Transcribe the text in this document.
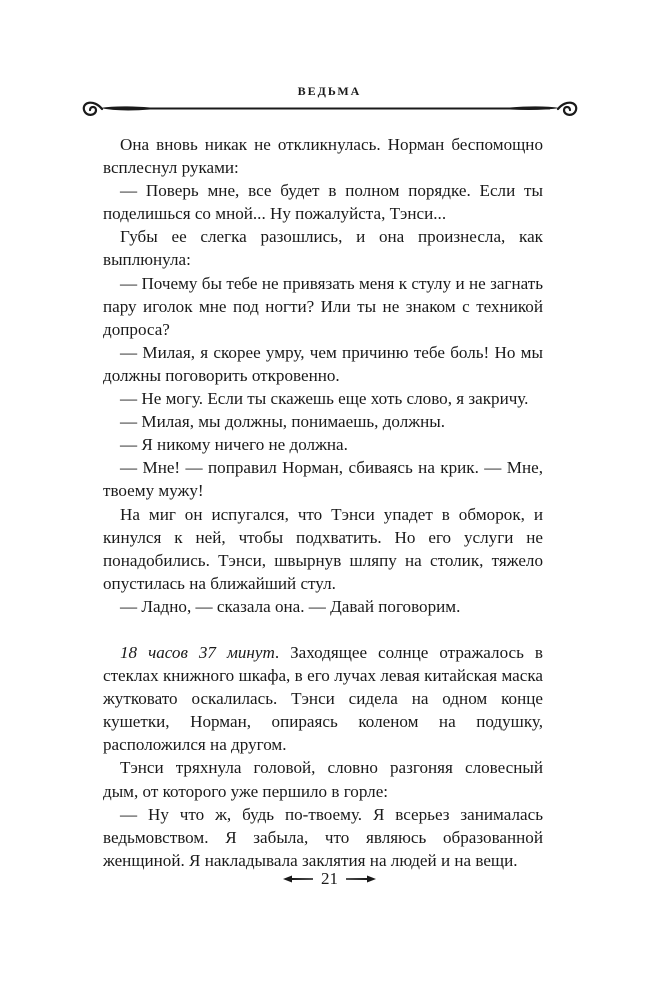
ВЕДЬМА

Она вновь никак не откликнулась. Норман беспомощно всплеснул руками:

— Поверь мне, все будет в полном порядке. Если ты поделишься со мной... Ну пожалуйста, Тэнси...

Губы ее слегка разошлись, и она произнесла, как выплюнула:

— Почему бы тебе не привязать меня к стулу и не загнать пару иголок мне под ногти? Или ты не знаком с техникой допроса?

— Милая, я скорее умру, чем причиню тебе боль! Но мы должны поговорить откровенно.

— Не могу. Если ты скажешь еще хоть слово, я закричу.

— Милая, мы должны, понимаешь, должны.

— Я никому ничего не должна.

— Мне! — поправил Норман, сбиваясь на крик. — Мне, твоему мужу!

На миг он испугался, что Тэнси упадет в обморок, и кинулся к ней, чтобы подхватить. Но его услуги не понадобились. Тэнси, швырнув шляпу на столик, тяжело опустилась на ближайший стул.

— Ладно, — сказала она. — Давай поговорим.

18 часов 37 минут. Заходящее солнце отражалось в стеклах книжного шкафа, в его лучах левая китайская маска жутковато оскалилась. Тэнси сидела на одном конце кушетки, Норман, опираясь коленом на подушку, расположился на другом.

Тэнси тряхнула головой, словно разгоняя словесный дым, от которого уже першило в горле:

— Ну что ж, будь по-твоему. Я всерьез занималась ведьмовством. Я забыла, что являюсь образованной женщиной. Я накладывала заклятия на людей и на вещи.

21
